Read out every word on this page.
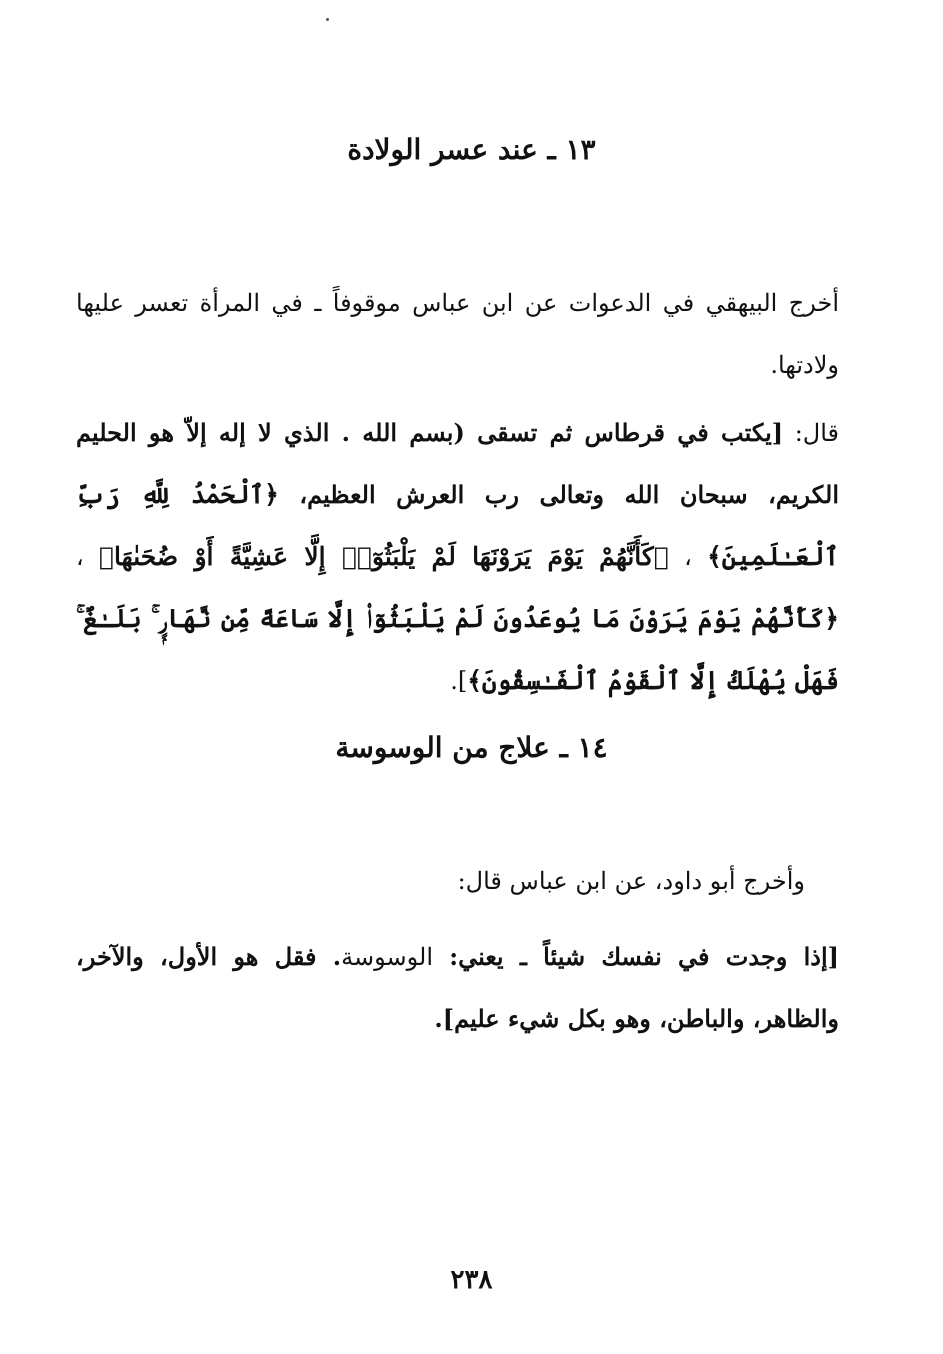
١٣ ـ عند عسر الولادة
أخرج البيهقي في الدعوات عن ابن عباس موقوفاً ـ في المرأة تعسر عليها ولادتها.
قال: [يكتب في قرطاس ثم تسقى (بسم الله . الذي لا إله إلاّ هو الحليم الكريم، سبحان الله وتعالى رب العرش العظيم، ﴿ٱلْحَمْدُ لِلَّهِ رَبِّ ٱلْعَـٰلَمِينَ﴾ ، ﴿كَأَنَّهُمْ يَوْمَ يَرَوْنَهَا لَمْ يَلْبَثُوٓا۟ إِلَّا عَشِيَّةً أَوْ ضُحَىٰهَا﴾ ، ﴿كَأَنَّهُمْ يَوْمَ يَرَوْنَ مَا يُوعَدُونَ لَمْ يَلْبَثُوٓا۟ إِلَّا سَاعَةً مِّن نَّهَارٍۭ ۚ بَلَـٰغٌ ۚ فَهَلْ يُهْلَكُ إِلَّا ٱلْقَوْمُ ٱلْفَـٰسِقُونَ﴾].
١٤ ـ علاج من الوسوسة
وأخرج أبو داود، عن ابن عباس قال:
[إذا وجدت في نفسك شيئاً ـ يعني: الوسوسة. فقل هو الأول، والآخر، والظاهر، والباطن، وهو بكل شيء عليم].
٢٣٨
